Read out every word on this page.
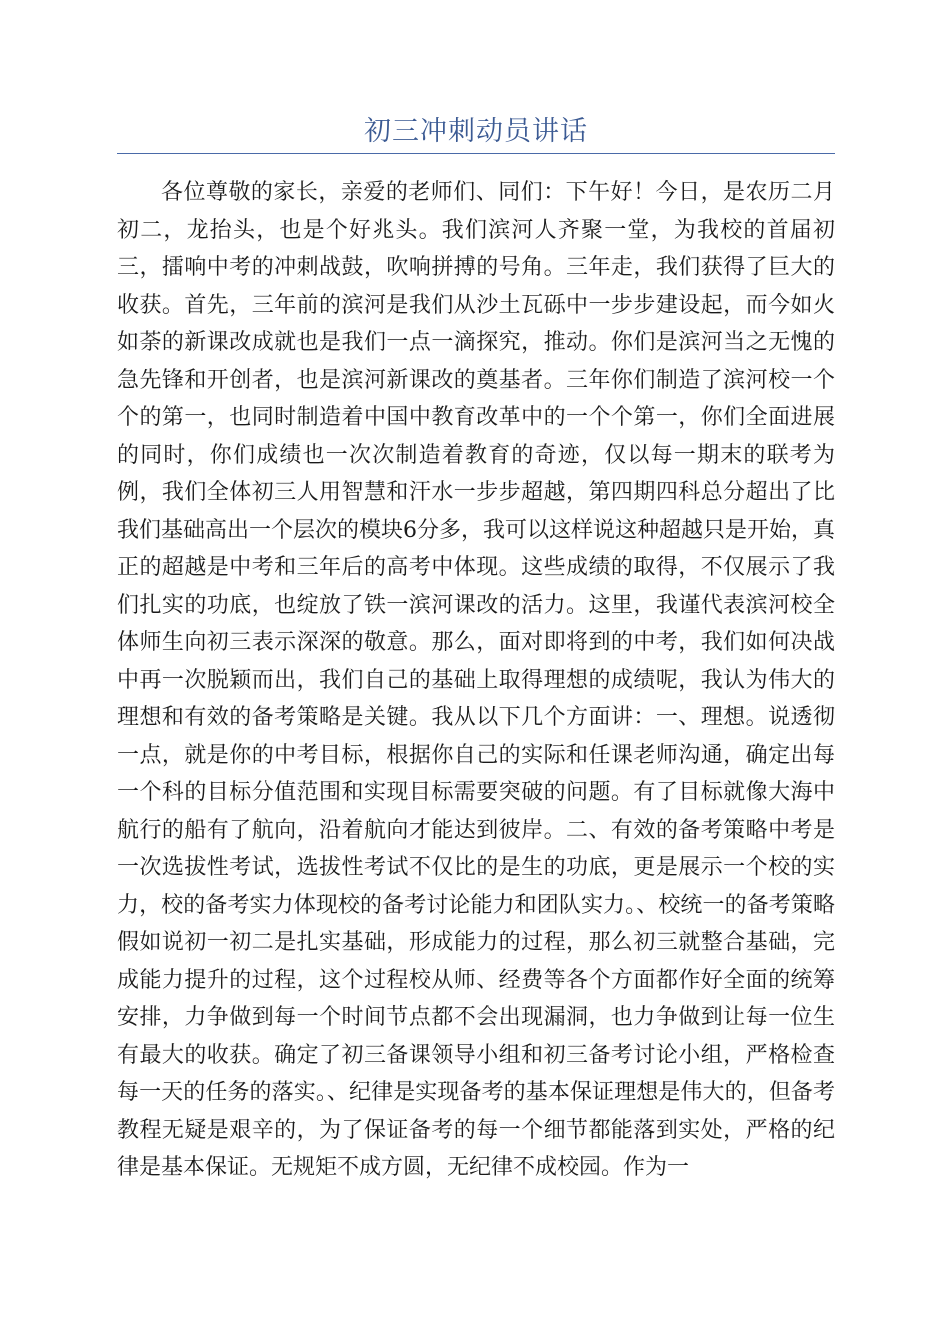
初三冲刺动员讲话

各位尊敬的家长，亲爱的老师们、同们：下午好！今日，是农历二月初二，龙抬头，也是个好兆头。我们滨河人齐聚一堂，为我校的首届初三，擂响中考的冲刺战鼓，吹响拼搏的号角。三年走，我们获得了巨大的收获。首先，三年前的滨河是我们从沙土瓦砾中一步步建设起，而今如火如荼的新课改成就也是我们一点一滴探究，推动。你们是滨河当之无愧的急先锋和开创者，也是滨河新课改的奠基者。三年你们制造了滨河校一个个的第一，也同时制造着中国中教育改革中的一个个第一，你们全面进展的同时，你们成绩也一次次制造着教育的奇迹，仅以每一期末的联考为例，我们全体初三人用智慧和汗水一步步超越，第四期四科总分超出了比我们基础高出一个层次的模块6分多，我可以这样说这种超越只是开始，真正的超越是中考和三年后的高考中体现。这些成绩的取得，不仅展示了我们扎实的功底，也绽放了铁一滨河课改的活力。这里，我谨代表滨河校全体师生向初三表示深深的敬意。那么，面对即将到的中考，我们如何决战中再一次脱颖而出，我们自己的基础上取得理想的成绩呢，我认为伟大的理想和有效的备考策略是关键。我从以下几个方面讲：一、理想。说透彻一点，就是你的中考目标，根据你自己的实际和任课老师沟通，确定出每一个科的目标分值范围和实现目标需要突破的问题。有了目标就像大海中航行的船有了航向，沿着航向才能达到彼岸。二、有效的备考策略中考是一次选拔性考试，选拔性考试不仅比的是生的功底，更是展示一个校的实力，校的备考实力体现校的备考讨论能力和团队实力。、校统一的备考策略假如说初一初二是扎实基础，形成能力的过程，那么初三就整合基础，完成能力提升的过程，这个过程校从师、经费等各个方面都作好全面的统筹安排，力争做到每一个时间节点都不会出现漏洞，也力争做到让每一位生有最大的收获。确定了初三备课领导小组和初三备考讨论小组，严格检查每一天的任务的落实。、纪律是实现备考的基本保证理想是伟大的，但备考教程无疑是艰辛的，为了保证备考的每一个细节都能落到实处，严格的纪律是基本保证。无规矩不成方圆，无纪律不成校园。作为一
